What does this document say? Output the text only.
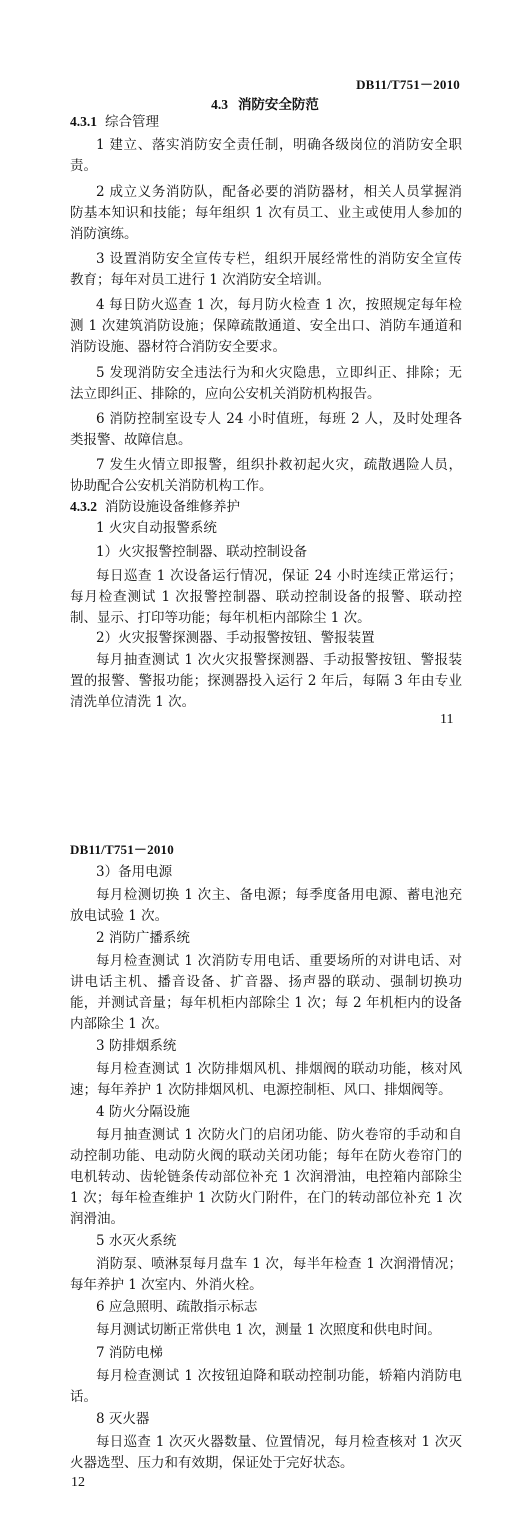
DB11/T751－2010
4.3 消防安全防范
4.3.1 综合管理
1 建立、落实消防安全责任制，明确各级岗位的消防安全职
责。
2 成立义务消防队，配备必要的消防器材，相关人员掌握消
防基本知识和技能；每年组织 1 次有员工、业主或使用人参加的
消防演练。
3 设置消防安全宣传专栏，组织开展经常性的消防安全宣传
教育；每年对员工进行 1 次消防安全培训。
4 每日防火巡查 1 次，每月防火检查 1 次，按照规定每年检
测 1 次建筑消防设施；保障疏散通道、安全出口、消防车通道和
消防设施、器材符合消防安全要求。
5 发现消防安全违法行为和火灾隐患，立即纠正、排除；无
法立即纠正、排除的，应向公安机关消防机构报告。
6 消防控制室设专人 24 小时值班，每班 2 人，及时处理各
类报警、故障信息。
7 发生火情立即报警，组织扑救初起火灾，疏散遇险人员，
协助配合公安机关消防机构工作。
4.3.2 消防设施设备维修养护
1 火灾自动报警系统
1）火灾报警控制器、联动控制设备
每日巡查 1 次设备运行情况，保证 24 小时连续正常运行；
每月检查测试 1 次报警控制器、联动控制设备的报警、联动控
制、显示、打印等功能；每年机柜内部除尘 1 次。
2）火灾报警探测器、手动报警按钮、警报装置
每月抽查测试 1 次火灾报警探测器、手动报警按钮、警报装
置的报警、警报功能；探测器投入运行 2 年后，每隔 3 年由专业
清洗单位清洗 1 次。
11
DB11/T751－2010
3）备用电源
每月检测切换 1 次主、备电源；每季度备用电源、蓄电池充
放电试验 1 次。
2 消防广播系统
每月检查测试 1 次消防专用电话、重要场所的对讲电话、对
讲电话主机、播音设备、扩音器、扬声器的联动、强制切换功
能，并测试音量；每年机柜内部除尘 1 次；每 2 年机柜内的设备
内部除尘 1 次。
3 防排烟系统
每月检查测试 1 次防排烟风机、排烟阀的联动功能，核对风
速；每年养护 1 次防排烟风机、电源控制柜、风口、排烟阀等。
4 防火分隔设施
每月抽查测试 1 次防火门的启闭功能、防火卷帘的手动和自
动控制功能、电动防火阀的联动关闭功能；每年在防火卷帘门的
电机转动、齿轮链条传动部位补充 1 次润滑油，电控箱内部除尘
1 次；每年检查维护 1 次防火门附件，在门的转动部位补充 1 次
润滑油。
5 水灭火系统
消防泵、喷淋泵每月盘车 1 次，每半年检查 1 次润滑情况；
每年养护 1 次室内、外消火栓。
6 应急照明、疏散指示标志
每月测试切断正常供电 1 次，测量 1 次照度和供电时间。
7 消防电梯
每月检查测试 1 次按钮迫降和联动控制功能，轿箱内消防电
话。
8 灭火器
每日巡查 1 次灭火器数量、位置情况，每月检查核对 1 次灭
火器选型、压力和有效期，保证处于完好状态。
12
